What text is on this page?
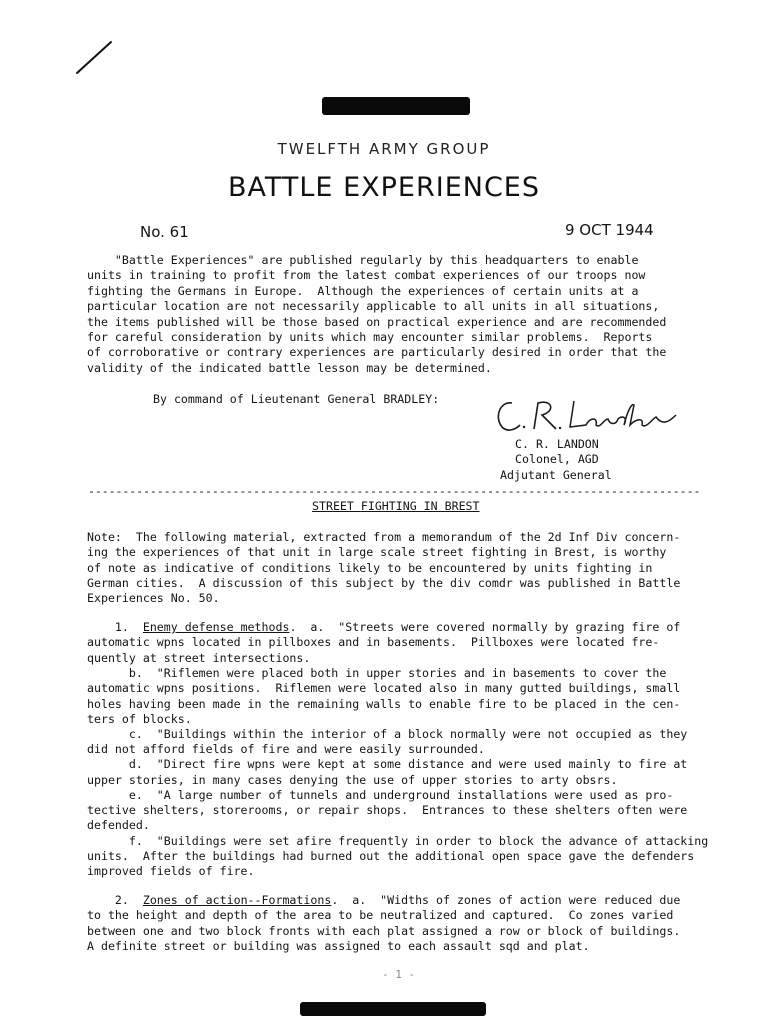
TWELFTH ARMY GROUP
BATTLE EXPERIENCES
No. 61	9 OCT 1944
"Battle Experiences" are published regularly by this headquarters to enable
units in training to profit from the latest combat experiences of our troops now
fighting the Germans in Europe.  Although the experiences of certain units at a
particular location are not necessarily applicable to all units in all situations,
the items published will be those based on practical experience and are recommended
for careful consideration by units which may encounter similar problems.  Reports
of corroborative or contrary experiences are particularly desired in order that the
validity of the indicated battle lesson may be determined.
By command of Lieutenant General BRADLEY:
C. R. LANDON
Colonel, AGD
Adjutant General
-----------------------------------------------------------------------------------------
STREET FIGHTING IN BREST
Note:  The following material, extracted from a memorandum of the 2d Inf Div concern-
ing the experiences of that unit in large scale street fighting in Brest, is worthy
of note as indicative of conditions likely to be encountered by units fighting in
German cities.  A discussion of this subject by the div comdr was published in Battle
Experiences No. 50.
1.  Enemy defense methods.  a.  "Streets were covered normally by grazing fire of
automatic wpns located in pillboxes and in basements.  Pillboxes were located fre-
quently at street intersections.
b.  "Riflemen were placed both in upper stories and in basements to cover the
automatic wpns positions.  Riflemen were located also in many gutted buildings, small
holes having been made in the remaining walls to enable fire to be placed in the cen-
ters of blocks.
c.  "Buildings within the interior of a block normally were not occupied as they
did not afford fields of fire and were easily surrounded.
d.  "Direct fire wpns were kept at some distance and were used mainly to fire at
upper stories, in many cases denying the use of upper stories to arty obsrs.
e.  "A large number of tunnels and underground installations were used as pro-
tective shelters, storerooms, or repair shops.  Entrances to these shelters often were
defended.
f.  "Buildings were set afire frequently in order to block the advance of attacking
units.  After the buildings had burned out the additional open space gave the defenders
improved fields of fire.
2.  Zones of action--Formations.  a.  "Widths of zones of action were reduced due
to the height and depth of the area to be neutralized and captured.  Co zones varied
between one and two block fronts with each plat assigned a row or block of buildings.
A definite street or building was assigned to each assault sqd and plat.
- 1 -
